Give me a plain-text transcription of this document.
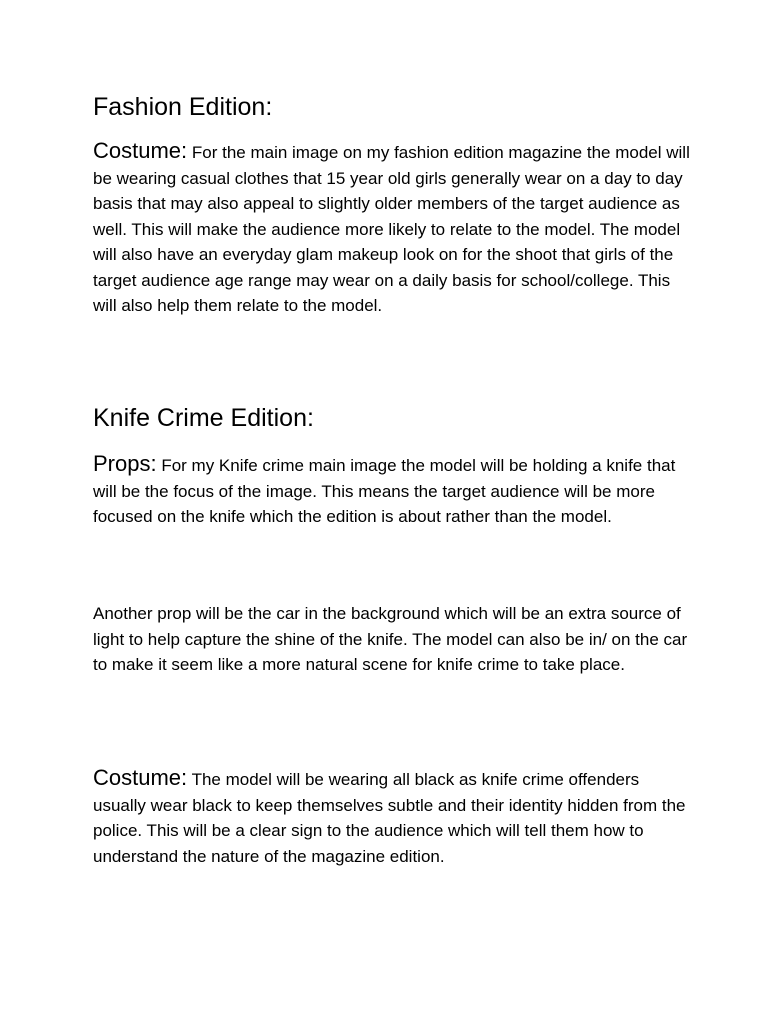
Fashion Edition:

Costume: For the main image on my fashion edition magazine the model will be wearing casual clothes that 15 year old girls generally wear on a day to day basis that may also appeal to slightly older members of the target audience as well. This will make the audience more likely to relate to the model. The model will also have an everyday glam makeup look on for the shoot that girls of the target audience age range may wear on a daily basis for school/college. This will also help them relate to the model.

Knife Crime Edition:

Props: For my Knife crime main image the model will be holding a knife that will be the focus of the image. This means the target audience will be more focused on the knife which the edition is about rather than the model.

Another prop will be the car in the background which will be an extra source of light to help capture the shine of the knife. The model can also be in/ on the car to make it seem like a more natural scene for knife crime to take place.

Costume: The model will be wearing all black as knife crime offenders usually wear black to keep themselves subtle and their identity hidden from the police. This will be a clear sign to the audience which will tell them how to understand the nature of the magazine edition.
